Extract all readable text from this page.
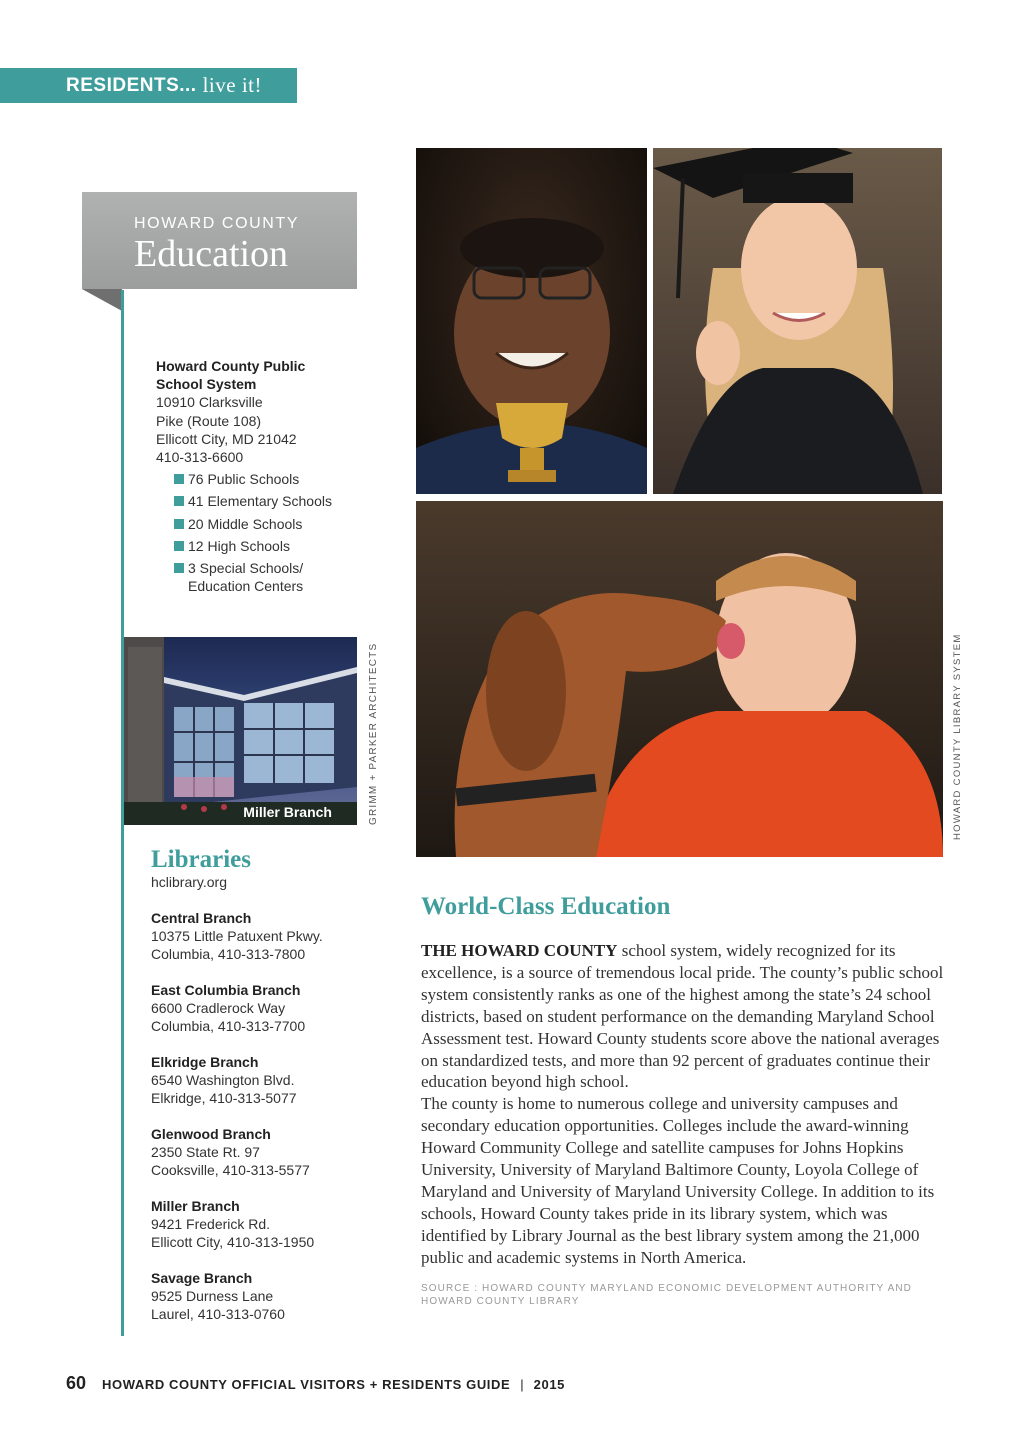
RESIDENTS... live it!
HOWARD COUNTY
Education
Howard County Public
School System
10910 Clarksville
Pike (Route 108)
Ellicott City, MD 21042
410-313-6600
76 Public Schools
41 Elementary Schools
20 Middle Schools
12 High Schools
3 Special Schools/
Education Centers
Miller Branch	GRIMM + PARKER ARCHITECTS
Libraries
hclibrary.org
Central Branch
10375 Little Patuxent Pkwy.
Columbia, 410-313-7800
East Columbia Branch
6600 Cradlerock Way
Columbia, 410-313-7700
Elkridge Branch
6540 Washington Blvd.
Elkridge, 410-313-5077
Glenwood Branch
2350 State Rt. 97
Cooksville, 410-313-5577
Miller Branch
9421 Frederick Rd.
Ellicott City, 410-313-1950
Savage Branch
9525 Durness Lane
Laurel, 410-313-0760
HOWARD COUNTY LIBRARY SYSTEM
World-Class Education

THE HOWARD COUNTY school system, widely recognized for its excellence, is a source of tremendous local pride. The county’s public school system consistently ranks as one of the highest among the state’s 24 school districts, based on student performance on the demanding Maryland School Assessment test. Howard County students score above the national averages on standardized tests, and more than 92 percent of graduates continue their education beyond high school.

The county is home to numerous college and university campuses and secondary education opportunities. Colleges include the award-winning Howard Community College and satellite campuses for Johns Hopkins University, University of Maryland Baltimore County, Loyola College of Maryland and University of Maryland University College. In addition to its schools, Howard County takes pride in its library system, which was identified by Library Journal as the best library system among the 21,000 public and academic systems in North America.

SOURCE : HOWARD COUNTY MARYLAND ECONOMIC DEVELOPMENT AUTHORITY AND HOWARD COUNTY LIBRARY
60 HOWARD COUNTY OFFICIAL VISITORS + RESIDENTS GUIDE | 2015
